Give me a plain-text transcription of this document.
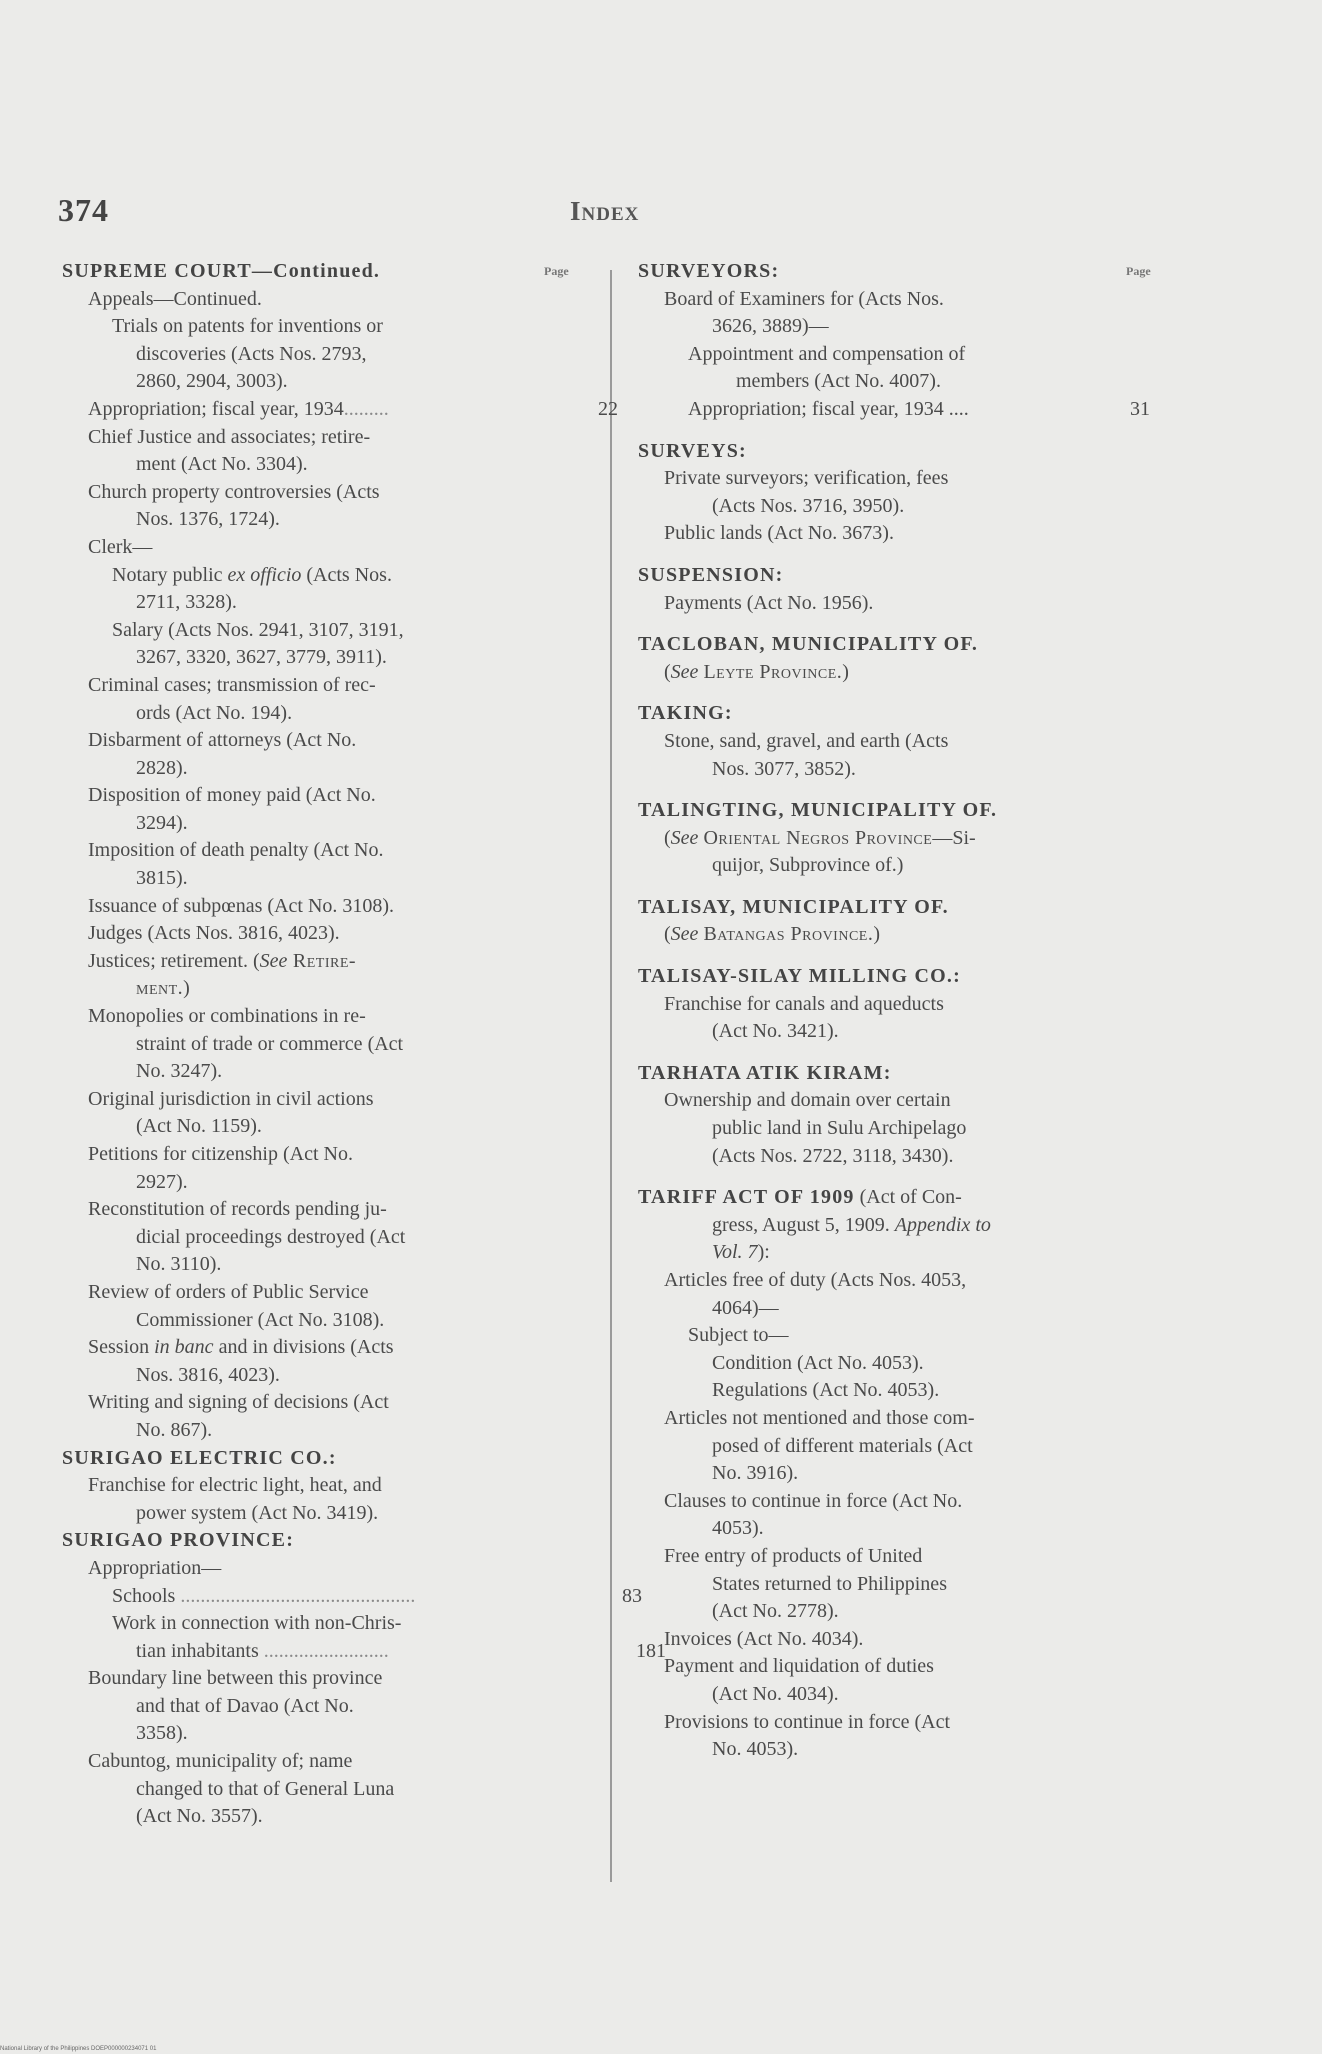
374	Index
Page	Page
SUPREME COURT—Continued.
Appeals—Continued.
Trials on patents for inventions or
discoveries (Acts Nos. 2793,
2860, 2904, 3003).
Appropriation; fiscal year, 1934.........	22
Chief Justice and associates; retire-
ment (Act No. 3304).
Church property controversies (Acts
Nos. 1376, 1724).
Clerk—
Notary public ex officio (Acts Nos.
2711, 3328).
Salary (Acts Nos. 2941, 3107, 3191,
3267, 3320, 3627, 3779, 3911).
Criminal cases; transmission of rec-
ords (Act No. 194).
Disbarment of attorneys (Act No.
2828).
Disposition of money paid (Act No.
3294).
Imposition of death penalty (Act No.
3815).
Issuance of subpœnas (Act No. 3108).
Judges (Acts Nos. 3816, 4023).
Justices; retirement. (See Retire-
ment.)
Monopolies or combinations in re-
straint of trade or commerce (Act
No. 3247).
Original jurisdiction in civil actions
(Act No. 1159).
Petitions for citizenship (Act No.
2927).
Reconstitution of records pending ju-
dicial proceedings destroyed (Act
No. 3110).
Review of orders of Public Service
Commissioner (Act No. 3108).
Session in banc and in divisions (Acts
Nos. 3816, 4023).
Writing and signing of decisions (Act
No. 867).
SURIGAO ELECTRIC CO.:
Franchise for electric light, heat, and
power system (Act No. 3419).
SURIGAO PROVINCE:
Appropriation—
Schools ...............................................	83
Work in connection with non-Chris-
tian inhabitants .........................	181
Boundary line between this province
and that of Davao (Act No.
3358).
Cabuntog, municipality of; name
changed to that of General Luna
(Act No. 3557).
SURVEYORS:
Board of Examiners for (Acts Nos.
3626, 3889)—
Appointment and compensation of
members (Act No. 4007).
Appropriation; fiscal year, 1934 ....	31
SURVEYS:
Private surveyors; verification, fees
(Acts Nos. 3716, 3950).
Public lands (Act No. 3673).
SUSPENSION:
Payments (Act No. 1956).
TACLOBAN, MUNICIPALITY OF.
(See Leyte Province.)
TAKING:
Stone, sand, gravel, and earth (Acts
Nos. 3077, 3852).
TALINGTING, MUNICIPALITY OF.
(See Oriental Negros Province—Si-
quijor, Subprovince of.)
TALISAY, MUNICIPALITY OF.
(See Batangas Province.)
TALISAY-SILAY MILLING CO.:
Franchise for canals and aqueducts
(Act No. 3421).
TARHATA ATIK KIRAM:
Ownership and domain over certain
public land in Sulu Archipelago
(Acts Nos. 2722, 3118, 3430).
TARIFF ACT OF 1909 (Act of Con-
gress, August 5, 1909. Appendix to
Vol. 7):
Articles free of duty (Acts Nos. 4053,
4064)—
Subject to—
Condition (Act No. 4053).
Regulations (Act No. 4053).
Articles not mentioned and those com-
posed of different materials (Act
No. 3916).
Clauses to continue in force (Act No.
4053).
Free entry of products of United
States returned to Philippines
(Act No. 2778).
Invoices (Act No. 4034).
Payment and liquidation of duties
(Act No. 4034).
Provisions to continue in force (Act
No. 4053).
National Library of the Philippines DOEP000000234071 01
